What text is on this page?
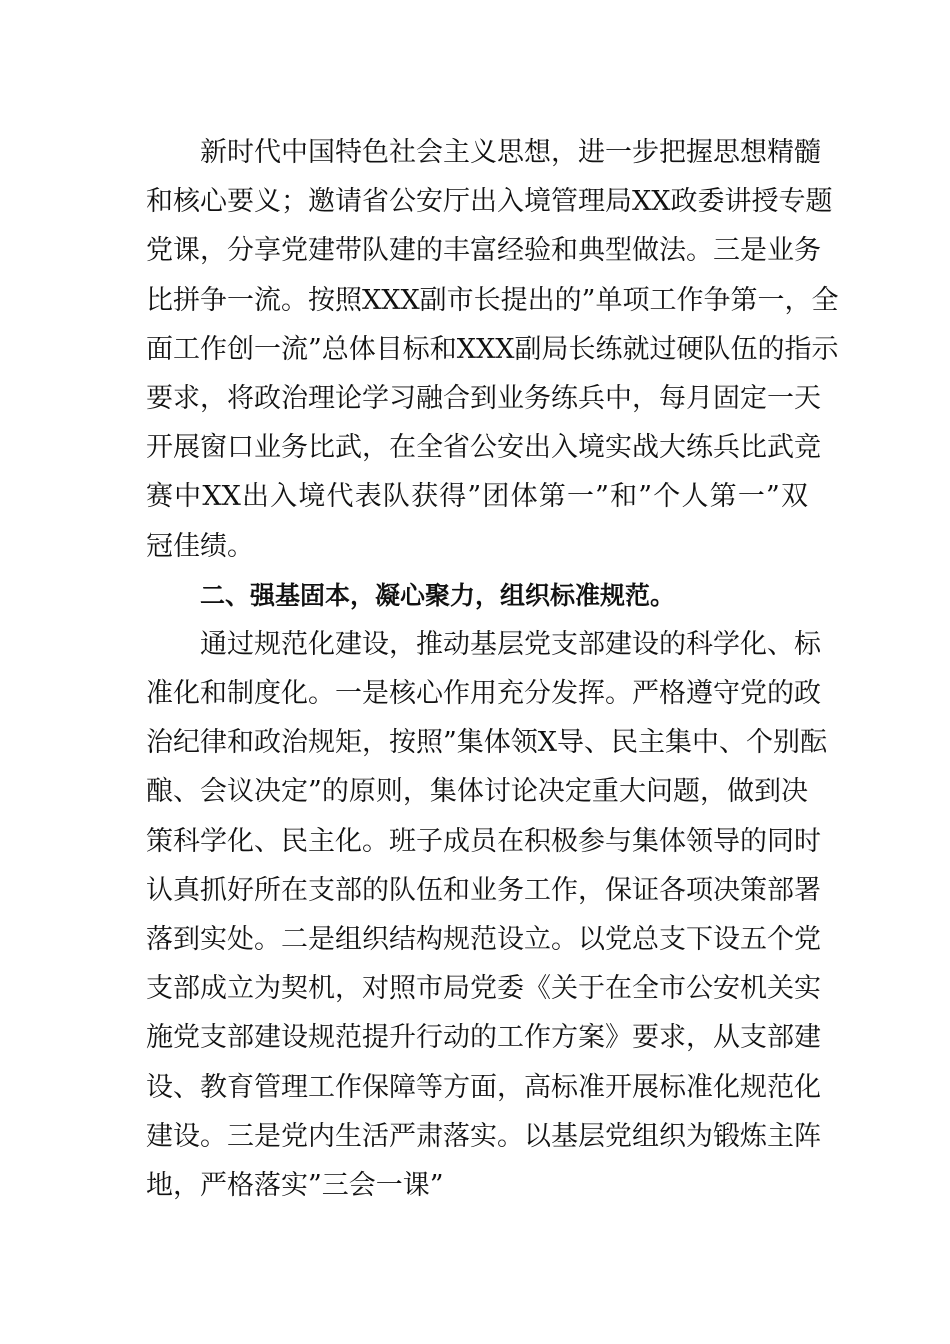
新时代中国特色社会主义思想，进一步把握思想精髓
和核心要义；邀请省公安厅出入境管理局XX政委讲授专题
党课，分享党建带队建的丰富经验和典型做法。三是业务
比拼争一流。按照XXX副市长提出的”单项工作争第一，全
面工作创一流”总体目标和XXX副局长练就过硬队伍的指示
要求，将政治理论学习融合到业务练兵中，每月固定一天
开展窗口业务比武，在全省公安出入境实战大练兵比武竞
赛中XX出入境代表队获得”团体第一”和”个人第一”双
冠佳绩。
二、强基固本，凝心聚力，组织标准规范。
通过规范化建设，推动基层党支部建设的科学化、标
准化和制度化。一是核心作用充分发挥。严格遵守党的政
治纪律和政治规矩，按照”集体领X导、民主集中、个别酝
酿、会议决定”的原则，集体讨论决定重大问题，做到决
策科学化、民主化。班子成员在积极参与集体领导的同时
认真抓好所在支部的队伍和业务工作，保证各项决策部署
落到实处。二是组织结构规范设立。以党总支下设五个党
支部成立为契机，对照市局党委《关于在全市公安机关实
施党支部建设规范提升行动的工作方案》要求，从支部建
设、教育管理工作保障等方面，高标准开展标准化规范化
建设。三是党内生活严肃落实。以基层党组织为锻炼主阵
地，严格落实”三会一课”
